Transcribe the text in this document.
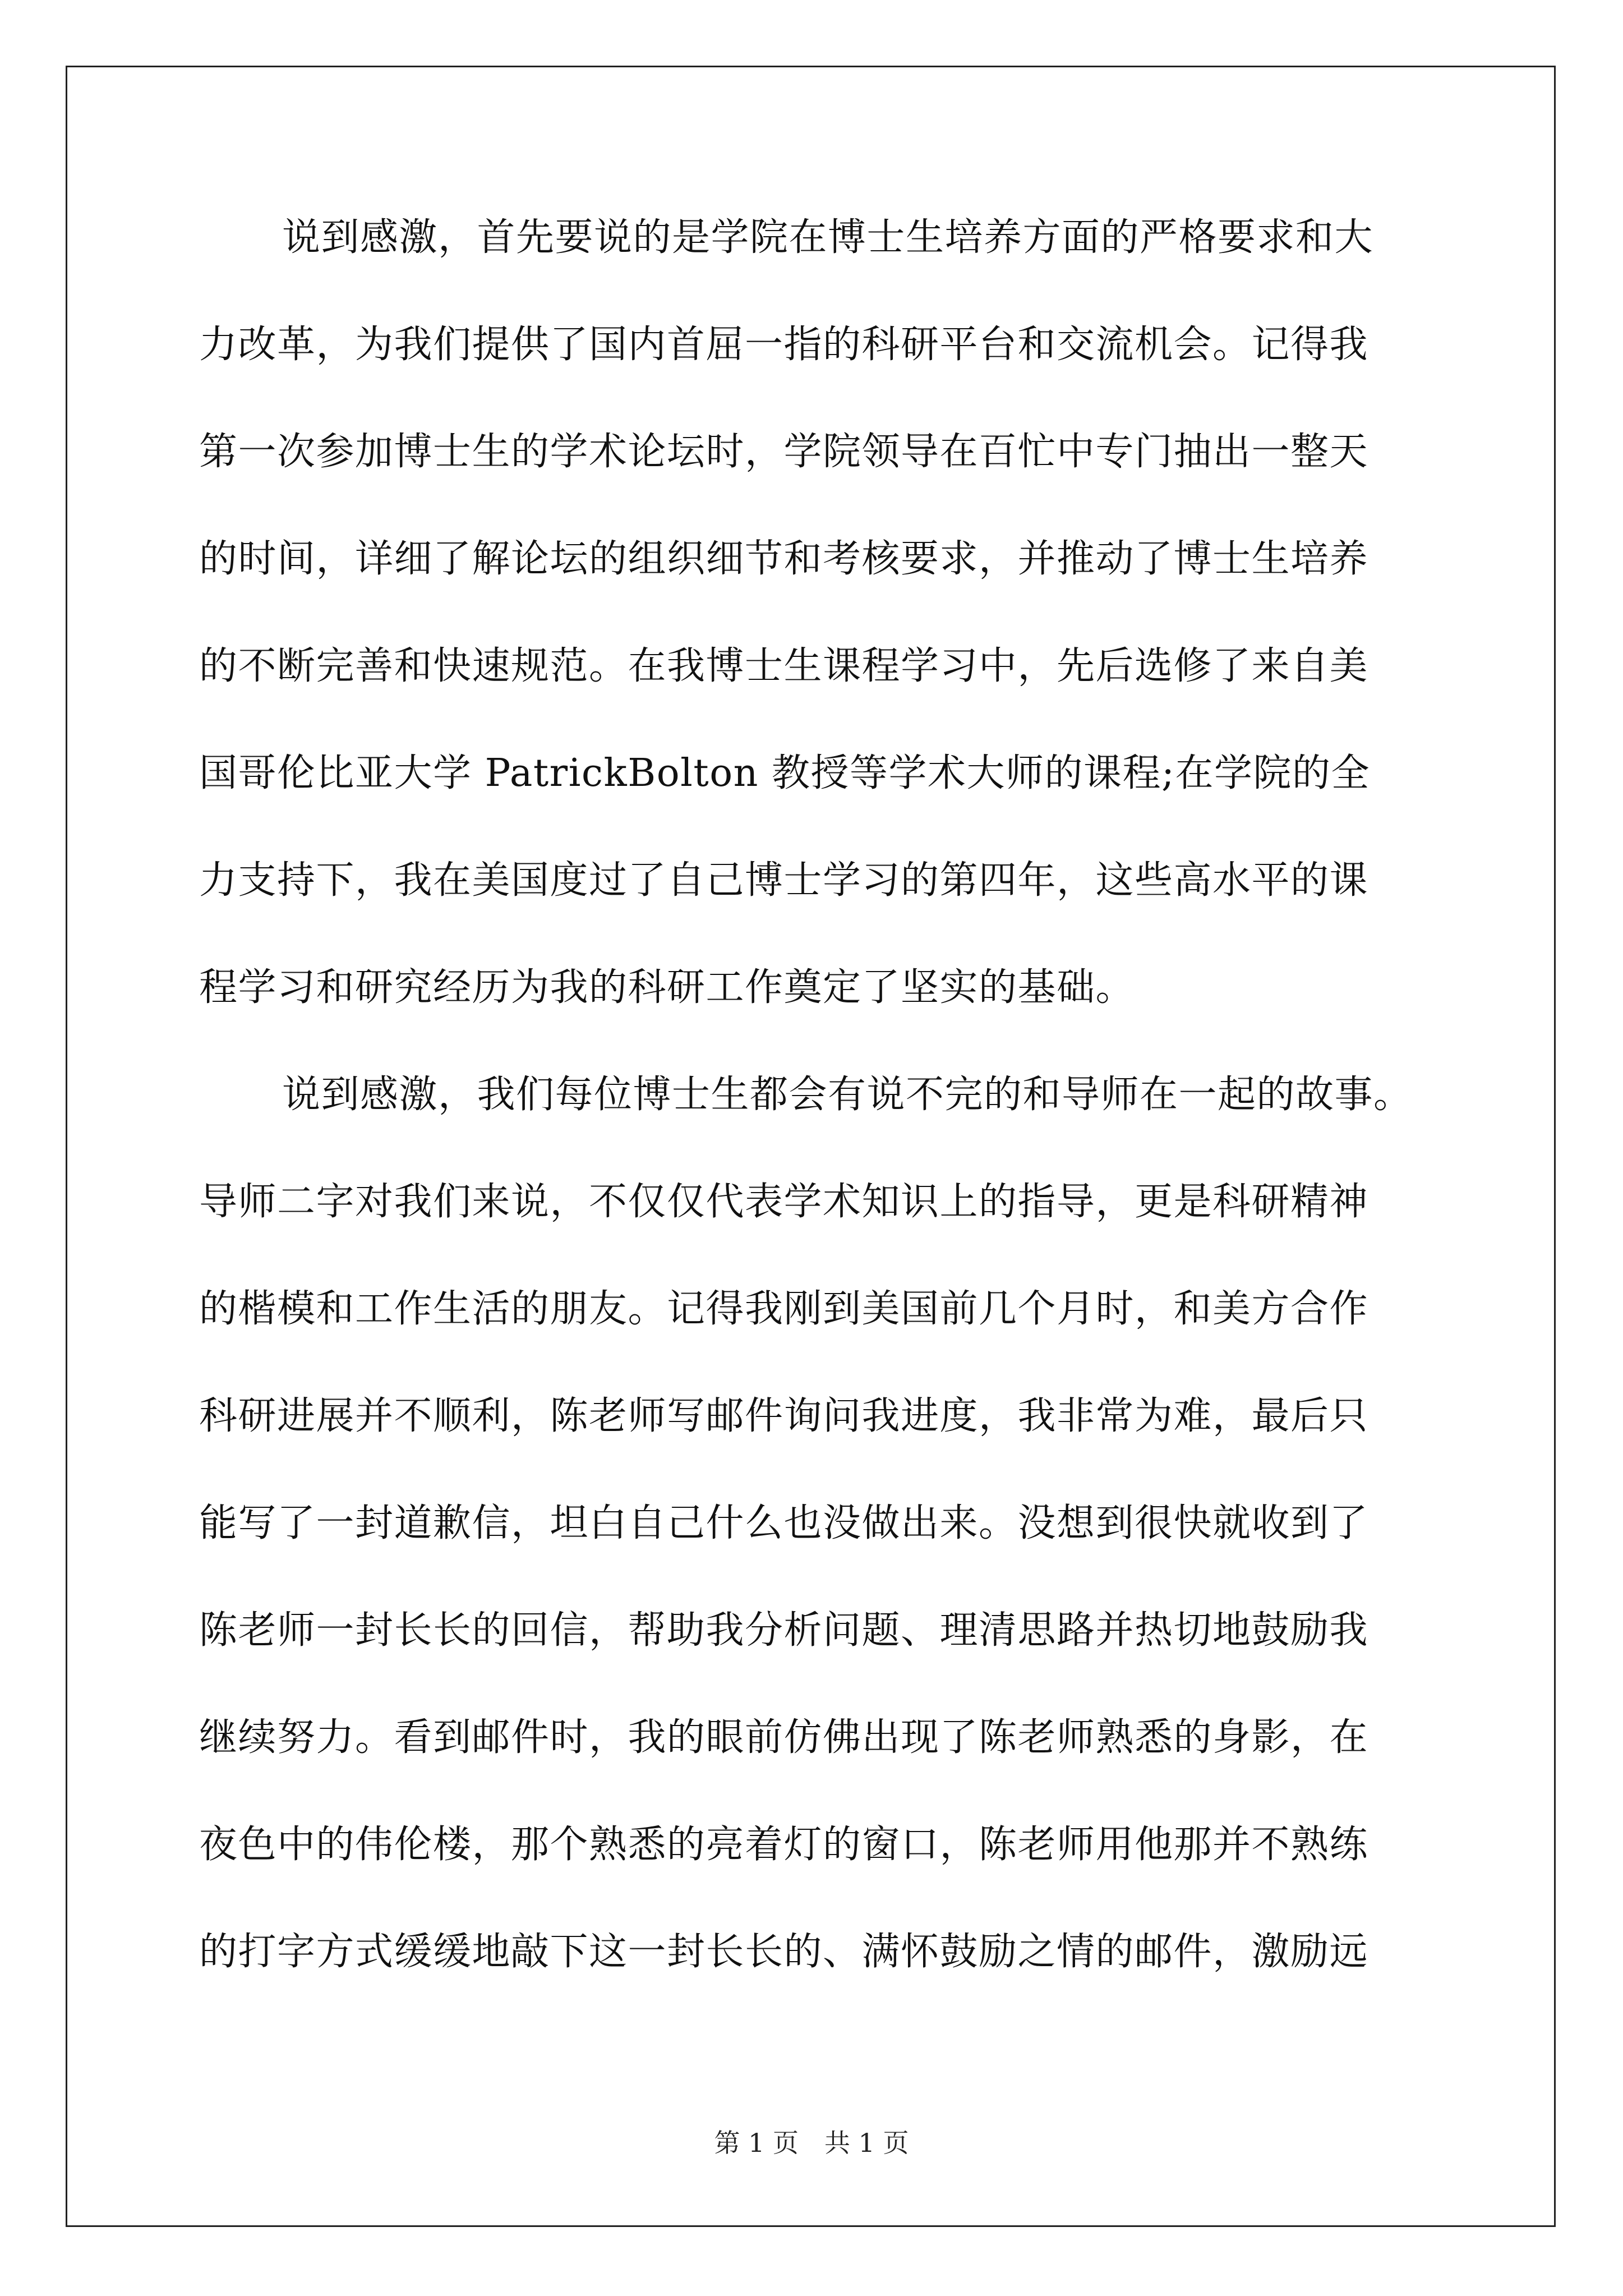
说到感激，首先要说的是学院在博士生培养方面的严格要求和大
力改革，为我们提供了国内首屈一指的科研平台和交流机会。记得我
第一次参加博士生的学术论坛时，学院领导在百忙中专门抽出一整天
的时间，详细了解论坛的组织细节和考核要求，并推动了博士生培养
的不断完善和快速规范。在我博士生课程学习中，先后选修了来自美
国哥伦比亚大学 PatrickBolton 教授等学术大师的课程;在学院的全
力支持下，我在美国度过了自己博士学习的第四年，这些高水平的课
程学习和研究经历为我的科研工作奠定了坚实的基础。
说到感激，我们每位博士生都会有说不完的和导师在一起的故事。
导师二字对我们来说，不仅仅代表学术知识上的指导，更是科研精神
的楷模和工作生活的朋友。记得我刚到美国前几个月时，和美方合作
科研进展并不顺利，陈老师写邮件询问我进度，我非常为难，最后只
能写了一封道歉信，坦白自己什么也没做出来。没想到很快就收到了
陈老师一封长长的回信，帮助我分析问题、理清思路并热切地鼓励我
继续努力。看到邮件时，我的眼前仿佛出现了陈老师熟悉的身影，在
夜色中的伟伦楼，那个熟悉的亮着灯的窗口，陈老师用他那并不熟练
的打字方式缓缓地敲下这一封长长的、满怀鼓励之情的邮件，激励远
第 1 页　共 1 页
